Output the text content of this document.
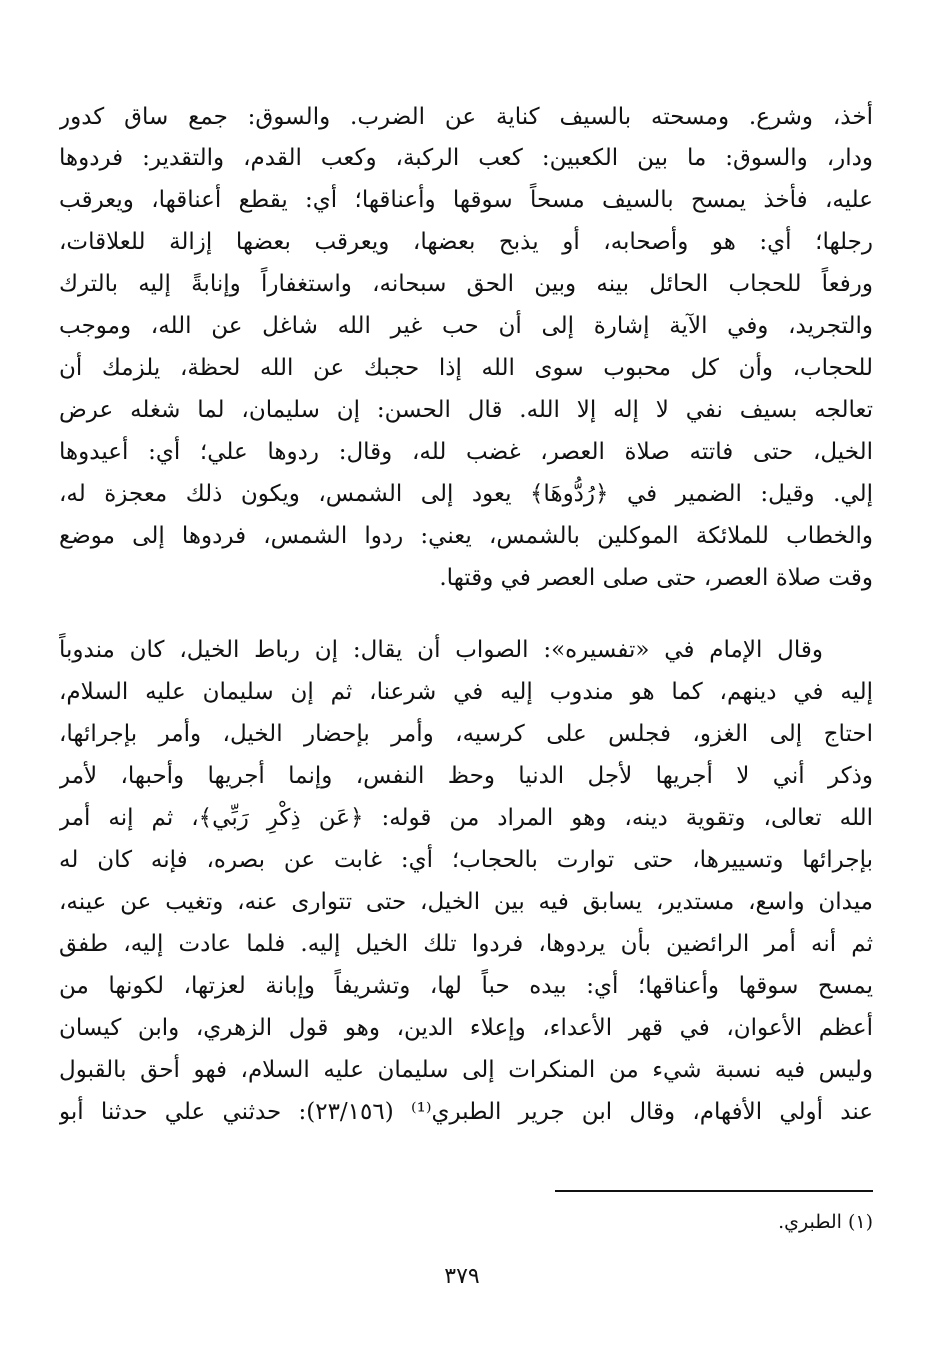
أخذ، وشرع. ومسحته بالسيف كناية عن الضرب. والسوق: جمع ساق كدور
ودار، والسوق: ما بين الكعبين: كعب الركبة، وكعب القدم، والتقدير: فردوها
عليه، فأخذ يمسح بالسيف مسحاً سوقها وأعناقها؛ أي: يقطع أعناقها، ويعرقب
رجلها؛ أي: هو وأصحابه، أو يذبح بعضها، ويعرقب بعضها إزالة للعلاقات،
ورفعاً للحجاب الحائل بينه وبين الحق سبحانه، واستغفاراً وإنابةً إليه بالترك
والتجريد، وفي الآية إشارة إلى أن حب غير الله شاغل عن الله، وموجب
للحجاب، وأن كل محبوب سوى الله إذا حجبك عن الله لحظة، يلزمك أن
تعالجه بسيف نفي لا إله إلا الله. قال الحسن: إن سليمان، لما شغله عرض
الخيل، حتى فاتته صلاة العصر، غضب لله، وقال: ردوها علي؛ أي: أعيدوها
إلي. وقيل: الضمير في ﴿رُدُّوهَا﴾ يعود إلى الشمس، ويكون ذلك معجزة له،
والخطاب للملائكة الموكلين بالشمس، يعني: ردوا الشمس، فردوها إلى موضع
وقت صلاة العصر، حتى صلى العصر في وقتها.
وقال الإمام في «تفسيره»: الصواب أن يقال: إن رباط الخيل، كان مندوباً
إليه في دينهم، كما هو مندوب إليه في شرعنا، ثم إن سليمان عليه السلام،
احتاج إلى الغزو، فجلس على كرسيه، وأمر بإحضار الخيل، وأمر بإجرائها،
وذكر أني لا أجريها لأجل الدنيا وحظ النفس، وإنما أجريها وأحبها، لأمر
الله تعالى، وتقوية دينه، وهو المراد من قوله: ﴿عَن ذِكْرِ رَبِّي﴾، ثم إنه أمر
بإجرائها وتسييرها، حتى توارت بالحجاب؛ أي: غابت عن بصره، فإنه كان له
ميدان واسع، مستدير، يسابق فيه بين الخيل، حتى تتوارى عنه، وتغيب عن عينه،
ثم أنه أمر الرائضين بأن يردوها، فردوا تلك الخيل إليه. فلما عادت إليه، طفق
يمسح سوقها وأعناقها؛ أي: بيده حباً لها، وتشريفاً وإبانة لعزتها، لكونها من
أعظم الأعوان، في قهر الأعداء، وإعلاء الدين، وهو قول الزهري، وابن كيسان
وليس فيه نسبة شيء من المنكرات إلى سليمان عليه السلام، فهو أحق بالقبول
عند أولي الأفهام، وقال ابن جرير الطبري⁽¹⁾ (٢٣/١٥٦): حدثني علي حدثنا أبو
(١) الطبري.
٣٧٩
